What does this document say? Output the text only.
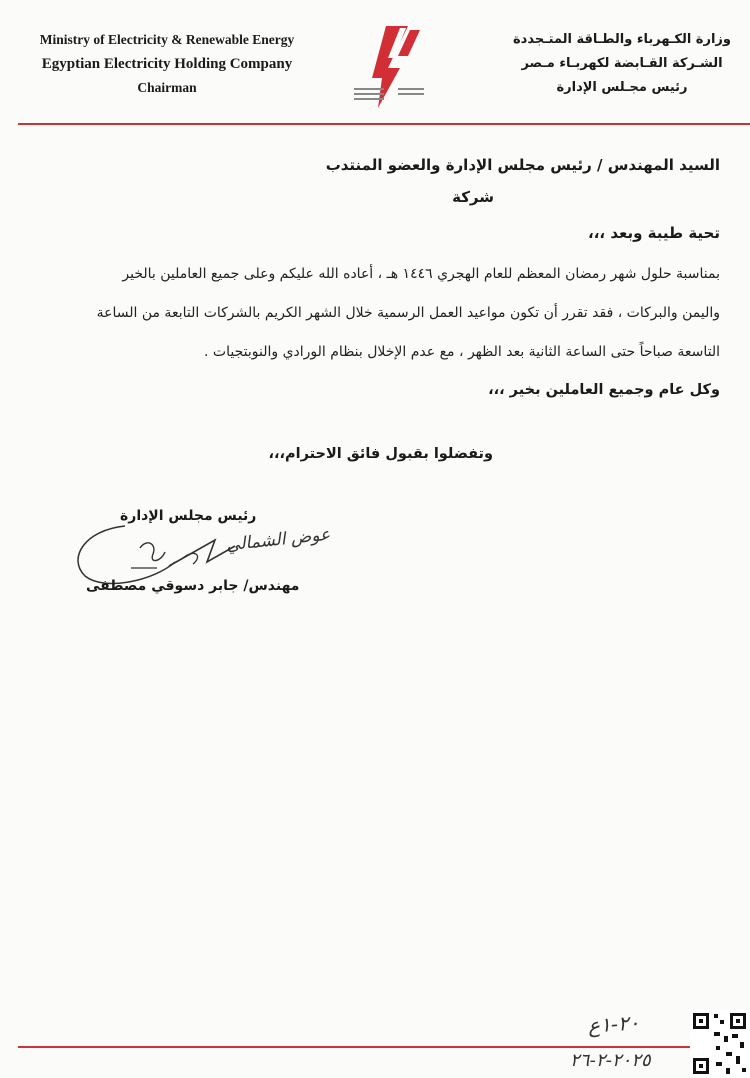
Ministry of Electricity & Renewable Energy
Egyptian Electricity Holding Company
Chairman
وزارة الكـهرباء والطـاقة المتـجددة
الشـركة القـابضة لكهربـاء مـصر
رئيس مجـلس الإدارة
السيد المهندس / رئيس مجلس الإدارة والعضو المنتدب
شركة
تحية طيبة وبعد ،،،
بمناسبة حلول شهر رمضان المعظم للعام الهجري ١٤٤٦ هـ ، أعاده الله عليكم وعلى جميع العاملين بالخير
واليمن والبركات ، فقد تقرر أن تكون مواعيد العمل الرسمية خلال الشهر الكريم بالشركات التابعة من الساعة
التاسعة صباحاً حتى الساعة الثانية بعد الظهر ، مع عدم الإخلال بنظام الورادي والنوبتجيات .
وكل عام وجميع العاملين بخير ،،،
وتفضلوا بقبول فائق الاحترام،،،
رئيس مجلس الإدارة
عوض الشمالي
مهندس/ جابر دسوقي مصطفى
٢٠-١ع
٢٠٢٥-٢-٢٦
